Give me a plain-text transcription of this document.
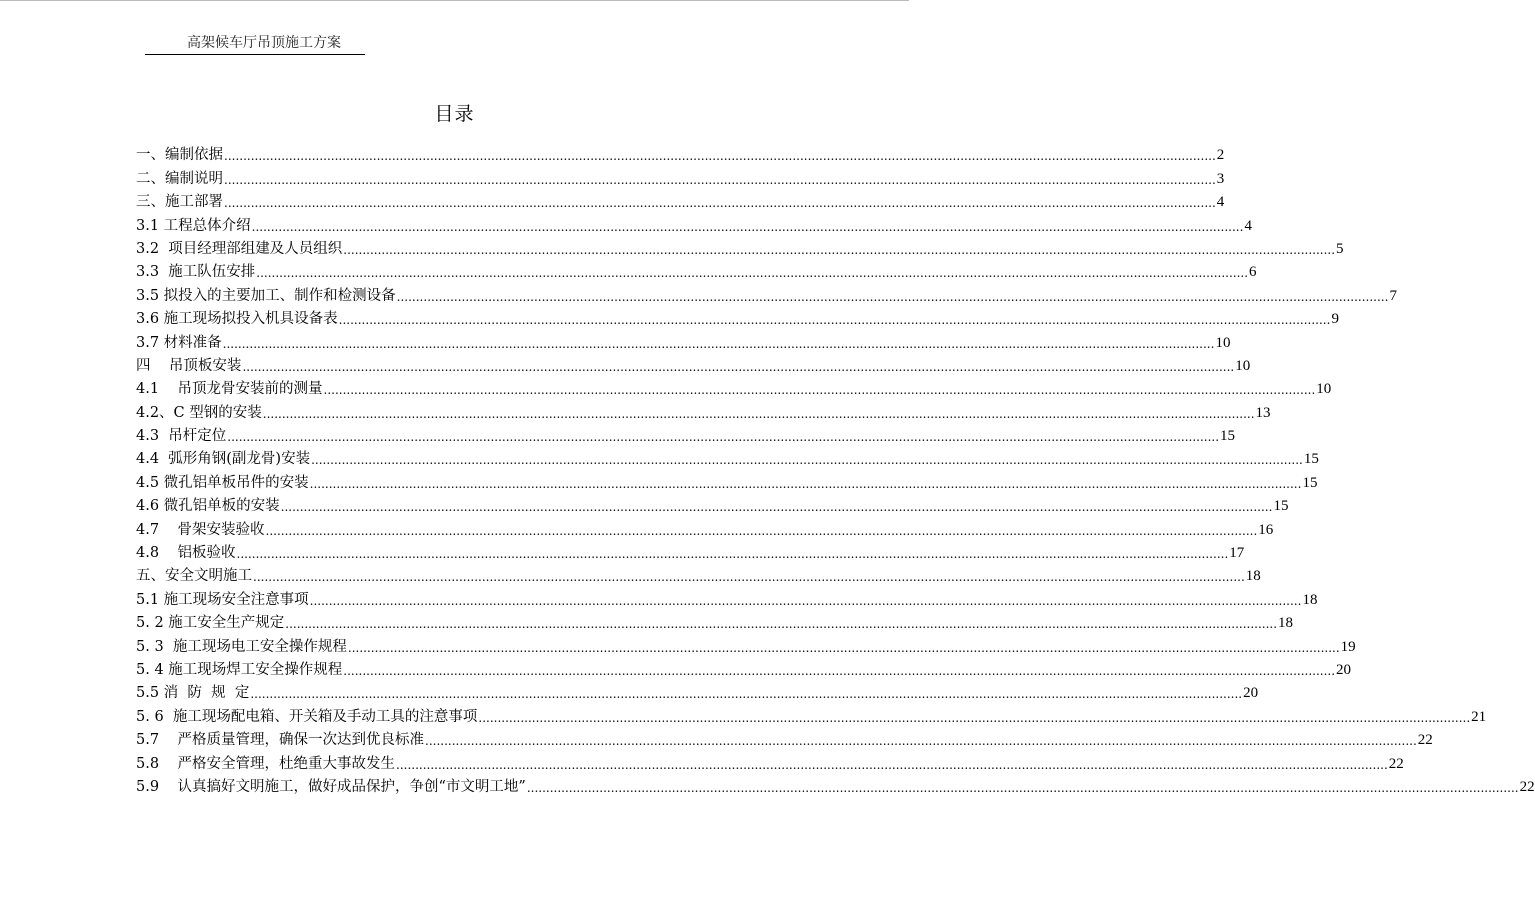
高架候车厅吊顶施工方案
目录
一、编制依据 .................................................................................................................................................................................................................................................................... 2
二、编制说明 .................................................................................................................................................................................................................................................................... 3
三、施工部署 .................................................................................................................................................................................................................................................................... 4
3.1 工程总体介绍 .................................................................................................................................................................................................................................................................... 4
3.2  项目经理部组建及人员组织 .................................................................................................................................................................................................................................................................... 5
3.3  施工队伍安排 .................................................................................................................................................................................................................................................................... 6
3.5 拟投入的主要加工、制作和检测设备 .................................................................................................................................................................................................................................................................... 7
3.6 施工现场拟投入机具设备表 .................................................................................................................................................................................................................................................................... 9
3.7 材料准备 .................................................................................................................................................................................................................................................................... 10
四    吊顶板安装 .................................................................................................................................................................................................................................................................... 10
4.1    吊顶龙骨安装前的测量 .................................................................................................................................................................................................................................................................... 10
4.2、C 型钢的安装 .................................................................................................................................................................................................................................................................... 13
4.3  吊杆定位 .................................................................................................................................................................................................................................................................... 15
4.4  弧形角钢(副龙骨)安装 .................................................................................................................................................................................................................................................................... 15
4.5 微孔铝单板吊件的安装 .................................................................................................................................................................................................................................................................... 15
4.6 微孔铝单板的安装 .................................................................................................................................................................................................................................................................... 15
4.7    骨架安装验收 .................................................................................................................................................................................................................................................................... 16
4.8    铝板验收 .................................................................................................................................................................................................................................................................... 17
五、安全文明施工 .................................................................................................................................................................................................................................................................... 18
5.1 施工现场安全注意事项 .................................................................................................................................................................................................................................................................... 18
5. 2 施工安全生产规定 .................................................................................................................................................................................................................................................................... 18
5. 3  施工现场电工安全操作规程 .................................................................................................................................................................................................................................................................... 19
5. 4 施工现场焊工安全操作规程 .................................................................................................................................................................................................................................................................... 20
5.5 消  防  规  定 .................................................................................................................................................................................................................................................................... 20
5. 6  施工现场配电箱、开关箱及手动工具的注意事项 .................................................................................................................................................................................................................................................................... 21
5.7    严格质量管理，确保一次达到优良标准 .................................................................................................................................................................................................................................................................... 22
5.8    严格安全管理，杜绝重大事故发生 .................................................................................................................................................................................................................................................................... 22
5.9    认真搞好文明施工，做好成品保护，争创“市文明工地” .................................................................................................................................................................................................................................................................... 22
